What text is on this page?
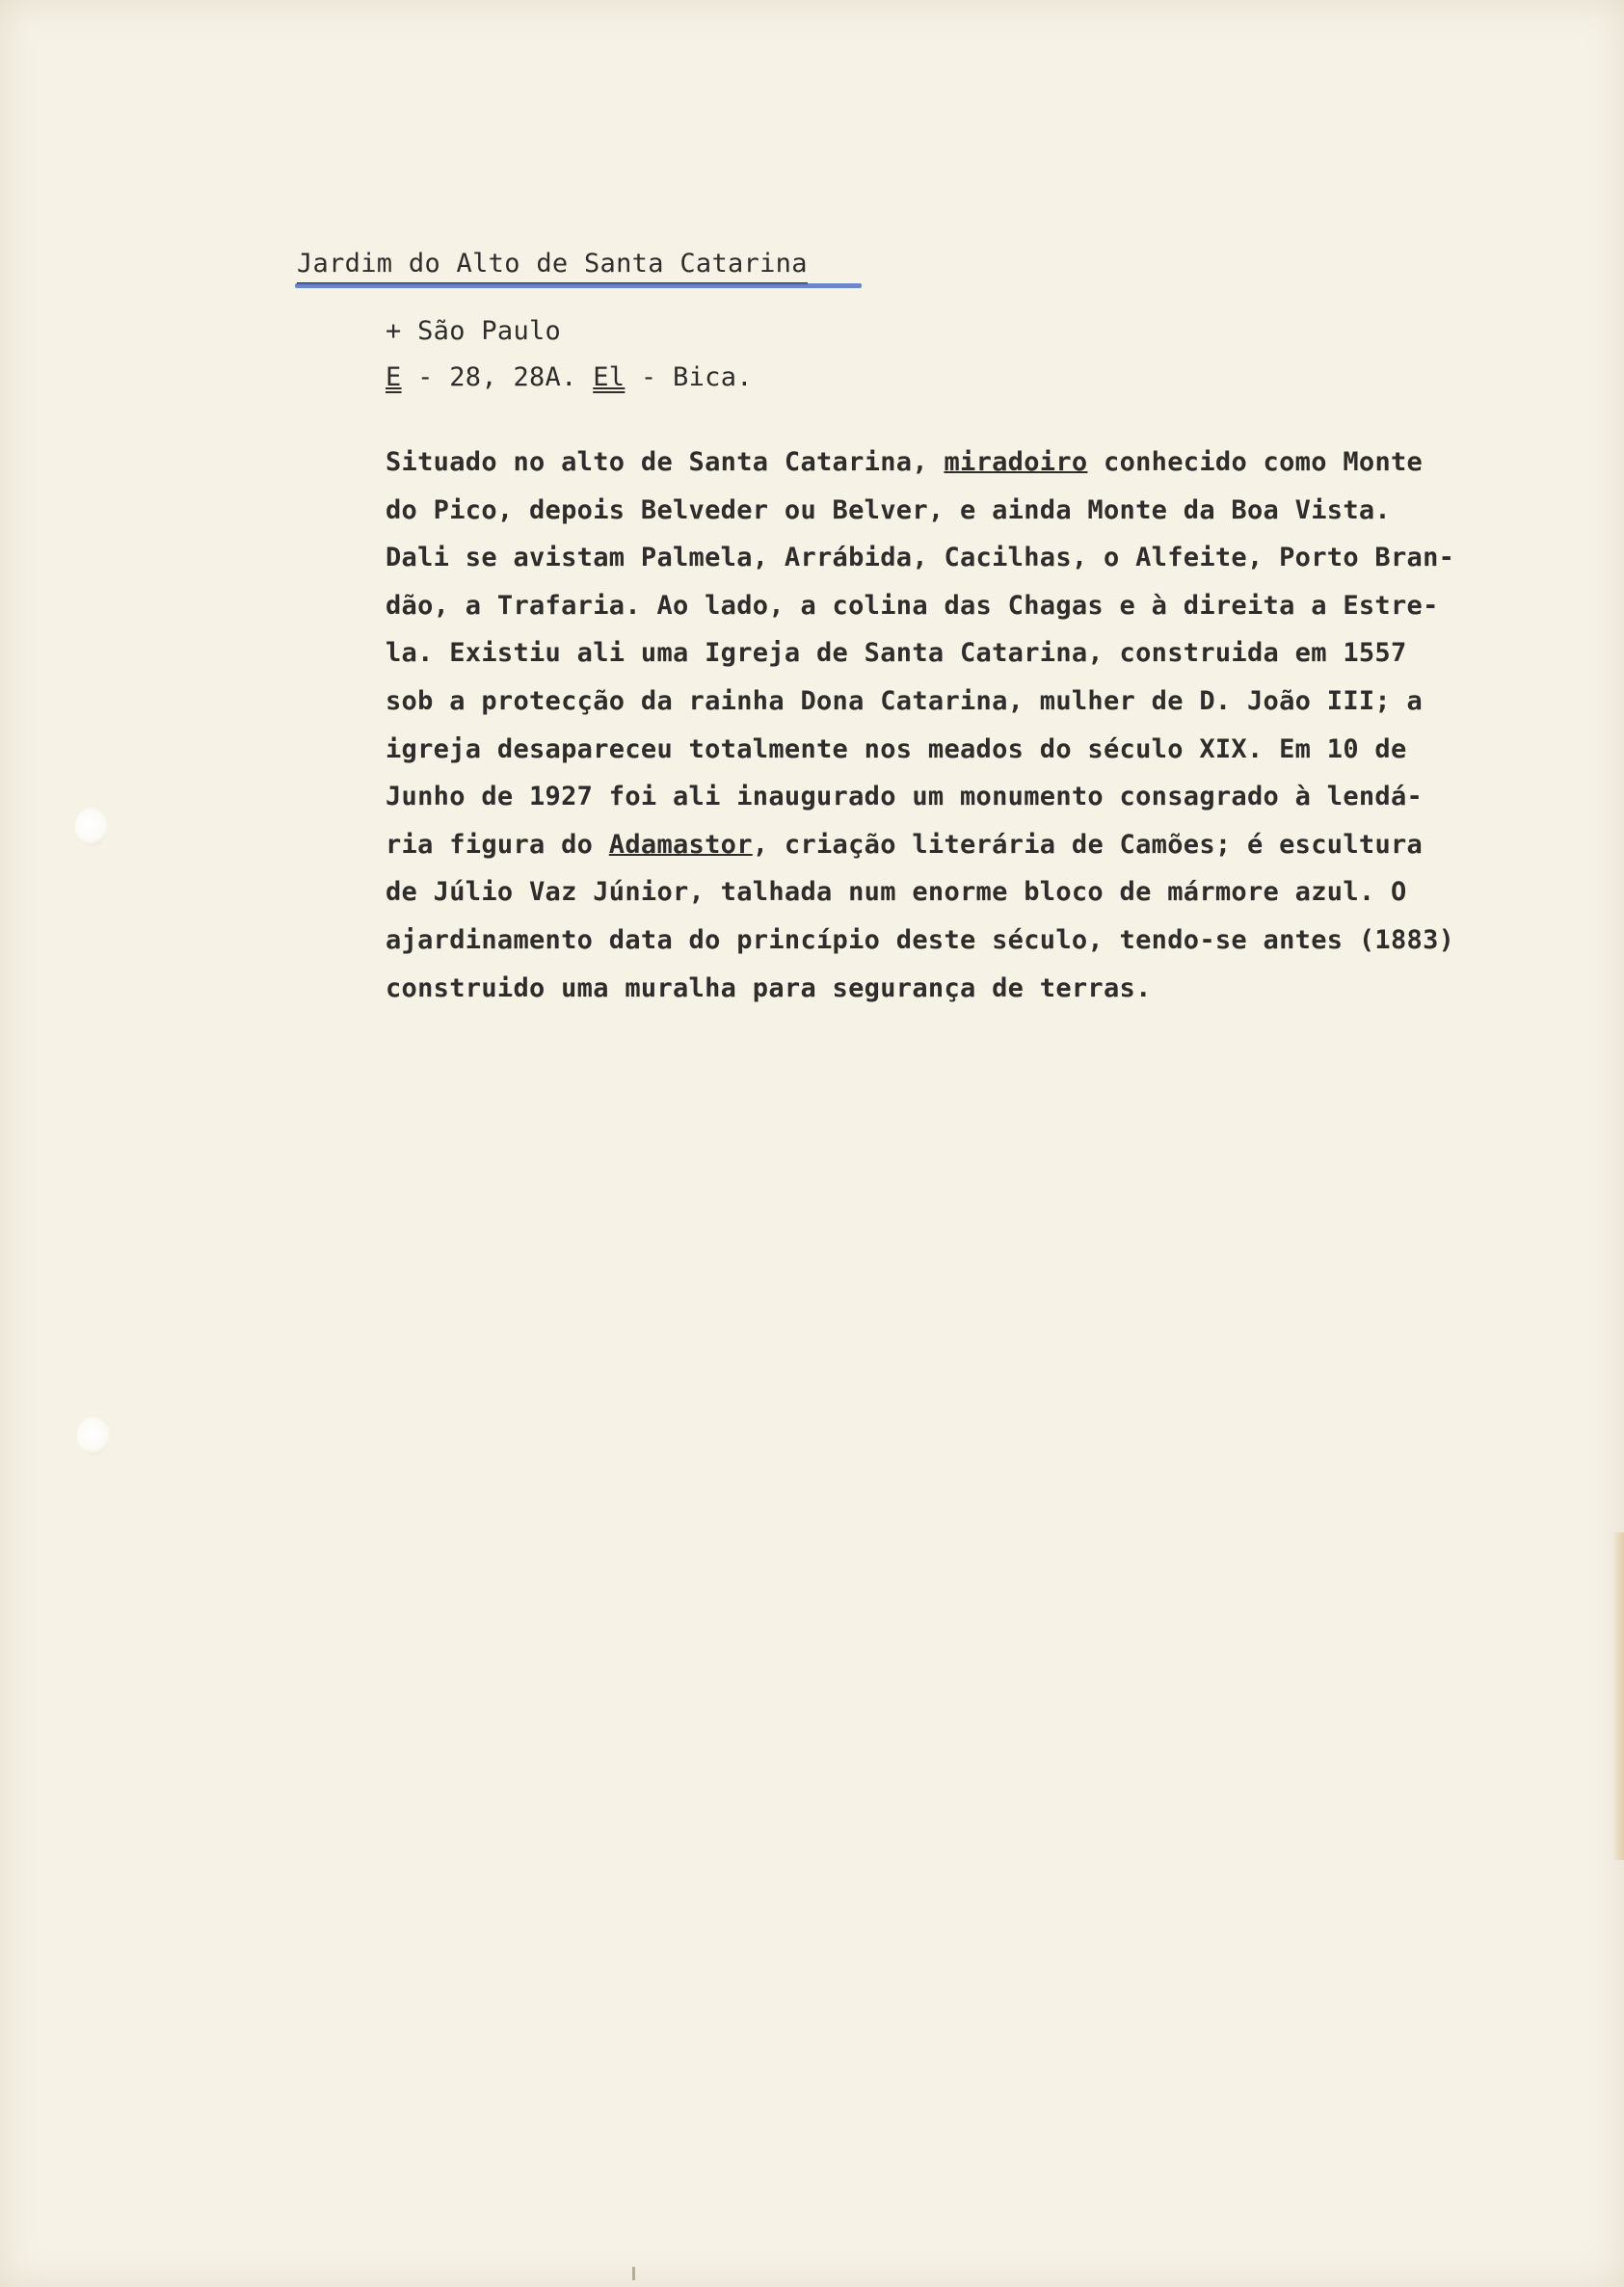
Jardim do Alto de Santa Catarina
+ São Paulo
E - 28, 28A. El - Bica.
Situado no alto de Santa Catarina, miradoiro conhecido como Monte
do Pico, depois Belveder ou Belver, e ainda Monte da Boa Vista.
Dali se avistam Palmela, Arrábida, Cacilhas, o Alfeite, Porto Bran-
dão, a Trafaria. Ao lado, a colina das Chagas e à direita a Estre-
la. Existiu ali uma Igreja de Santa Catarina, construida em 1557
sob a protecção da rainha Dona Catarina, mulher de D. João III; a
igreja desapareceu totalmente nos meados do século XIX. Em 10 de
Junho de 1927 foi ali inaugurado um monumento consagrado à lendá-
ria figura do Adamastor, criação literária de Camões; é escultura
de Júlio Vaz Júnior, talhada num enorme bloco de mármore azul. O
ajardinamento data do princípio deste século, tendo-se antes (1883)
construido uma muralha para segurança de terras.
